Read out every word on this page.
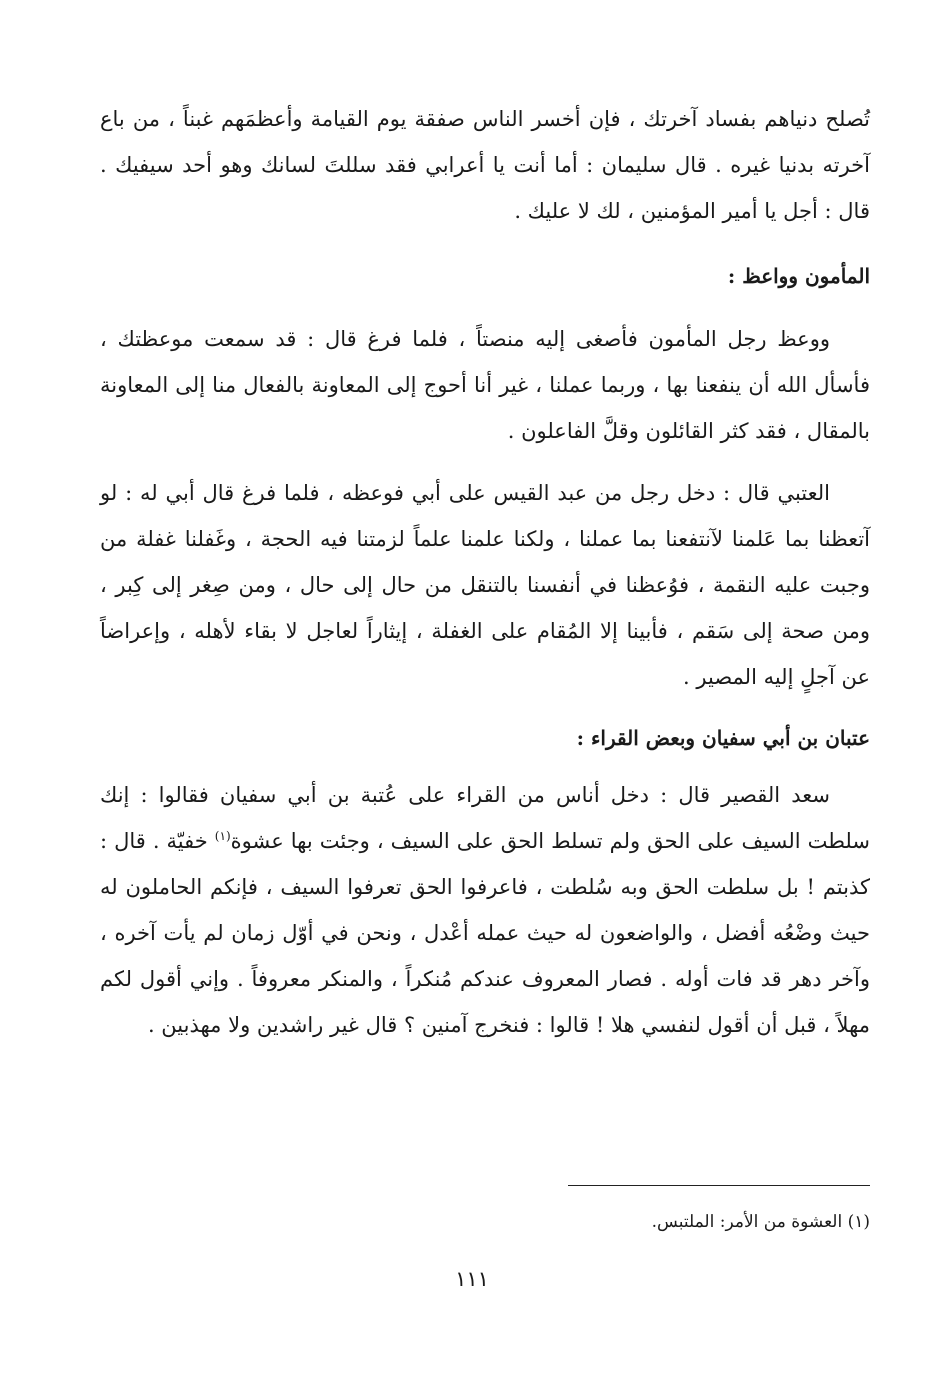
تُصلح دنياهم بفساد آخرتك ، فإن أخسر الناس صفقة يوم القيامة وأعظمَهم غبناً ، من باع آخرته بدنيا غيره . قال سليمان : أما أنت يا أعرابي فقد سللتَ لسانك وهو أحد سيفيك . قال : أجل يا أمير المؤمنين ، لك لا عليك .

المأمون وواعظ :

ووعظ رجل المأمون فأصغى إليه منصتاً ، فلما فرغ قال : قد سمعت موعظتك ، فأسأل الله أن ينفعنا بها ، وربما عملنا ، غير أنا أحوج إلى المعاونة بالفعال منا إلى المعاونة بالمقال ، فقد كثر القائلون وقلَّ الفاعلون .

العتبي قال : دخل رجل من عبد القيس على أبي فوعظه ، فلما فرغ قال أبي له : لو آتعظنا بما عَلمنا لآنتفعنا بما عملنا ، ولكنا علمنا علماً لزمتنا فيه الحجة ، وغَفلنا غفلة من وجبت عليه النقمة ، فوُعظنا في أنفسنا بالتنقل من حال إلى حال ، ومن صِغر إلى كِبر ، ومن صحة إلى سَقم ، فأبينا إلا المُقام على الغفلة ، إيثاراً لعاجل لا بقاء لأهله ، وإعراضاً عن آجلٍ إليه المصير .

عتبان بن أبي سفيان وبعض القراء :

سعد القصير قال : دخل أناس من القراء على عُتبة بن أبي سفيان فقالوا : إنك سلطت السيف على الحق ولم تسلط الحق على السيف ، وجئت بها عشوة$^{(١)}$ خفيّة . قال : كذبتم ! بل سلطت الحق وبه سُلطت ، فاعرفوا الحق تعرفوا السيف ، فإنكم الحاملون له حيث وضْعُه أفضل ، والواضعون له حيث عمله أعْدل ، ونحن في أوّل زمان لم يأت آخره ، وآخر دهر قد فات أوله . فصار المعروف عندكم مُنكراً ، والمنكر معروفاً . وإني أقول لكم مهلاً ، قبل أن أقول لنفسي هلا ! قالوا : فنخرج آمنين ؟ قال غير راشدين ولا مهذبين .

(١) العشوة من الأمر: الملتبس.
١١١
